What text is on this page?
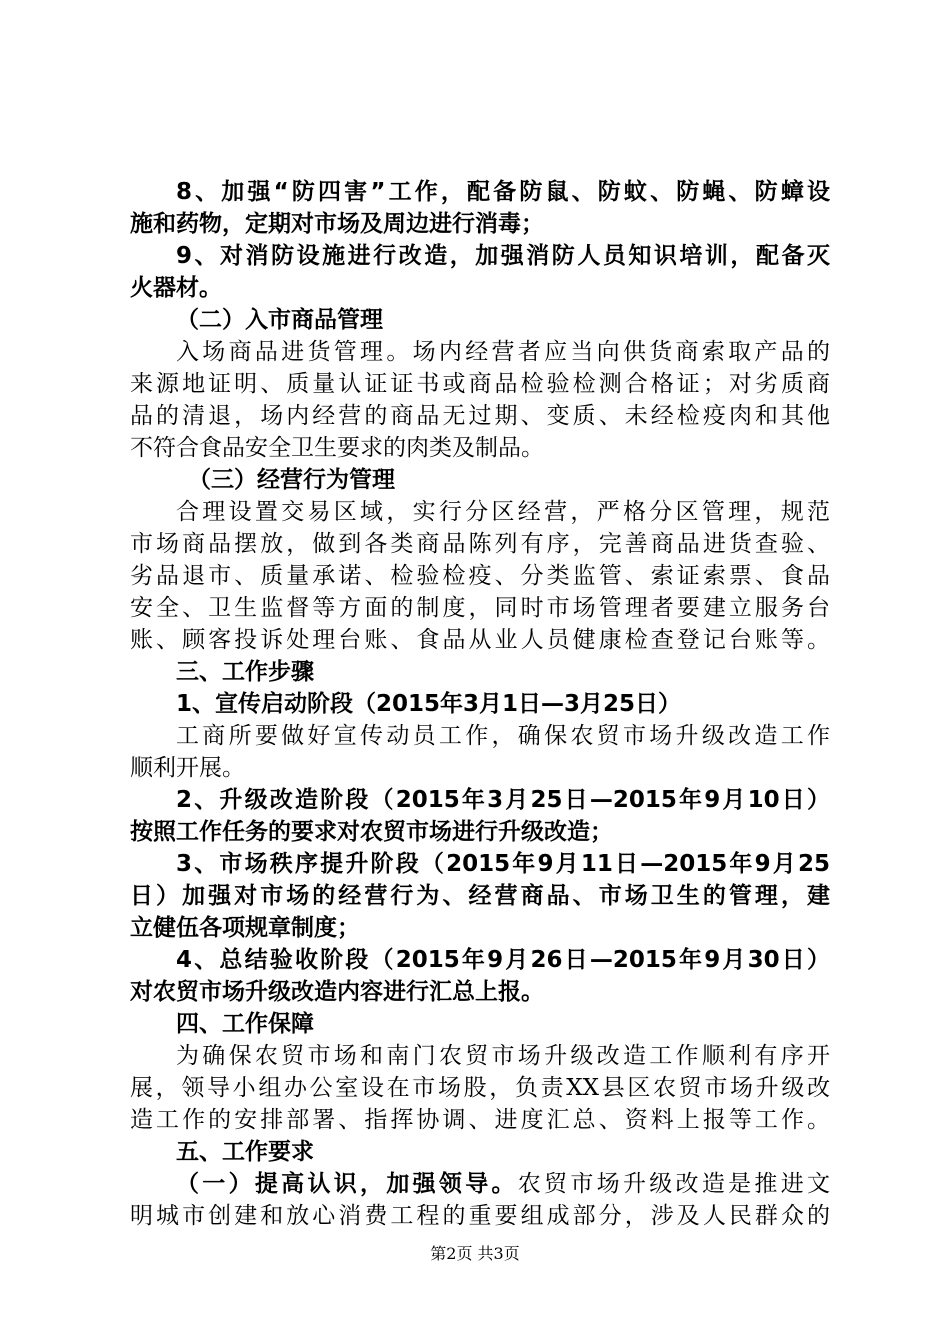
8、加强“防四害”工作，配备防鼠、防蚊、防蝇、防蟑设
施和药物，定期对市场及周边进行消毒；
9、对消防设施进行改造，加强消防人员知识培训，配备灭
火器材。
（二）入市商品管理
入场商品进货管理。场内经营者应当向供货商索取产品的
来源地证明、质量认证证书或商品检验检测合格证；对劣质商
品的清退，场内经营的商品无过期、变质、未经检疫肉和其他
不符合食品安全卫生要求的肉类及制品。
（三）经营行为管理
合理设置交易区域，实行分区经营，严格分区管理，规范
市场商品摆放，做到各类商品陈列有序，完善商品进货查验、
劣品退市、质量承诺、检验检疫、分类监管、索证索票、食品
安全、卫生监督等方面的制度，同时市场管理者要建立服务台
账、顾客投诉处理台账、食品从业人员健康检查登记台账等。
三、工作步骤
1、宣传启动阶段（2015年3月1日—3月25日）
工商所要做好宣传动员工作，确保农贸市场升级改造工作
顺利开展。
2、升级改造阶段（2015年3月25日—2015年9月10日）
按照工作任务的要求对农贸市场进行升级改造；
3、市场秩序提升阶段（2015年9月11日—2015年9月25
日）加强对市场的经营行为、经营商品、市场卫生的管理，建
立健伍各项规章制度；
4、总结验收阶段（2015年9月26日—2015年9月30日）
对农贸市场升级改造内容进行汇总上报。
四、工作保障
为确保农贸市场和南门农贸市场升级改造工作顺利有序开
展，领导小组办公室设在市场股，负责XX县区农贸市场升级改
造工作的安排部署、指挥协调、进度汇总、资料上报等工作。
五、工作要求
（一）提高认识，加强领导。农贸市场升级改造是推进文
明城市创建和放心消费工程的重要组成部分，涉及人民群众的
第2页 共3页
